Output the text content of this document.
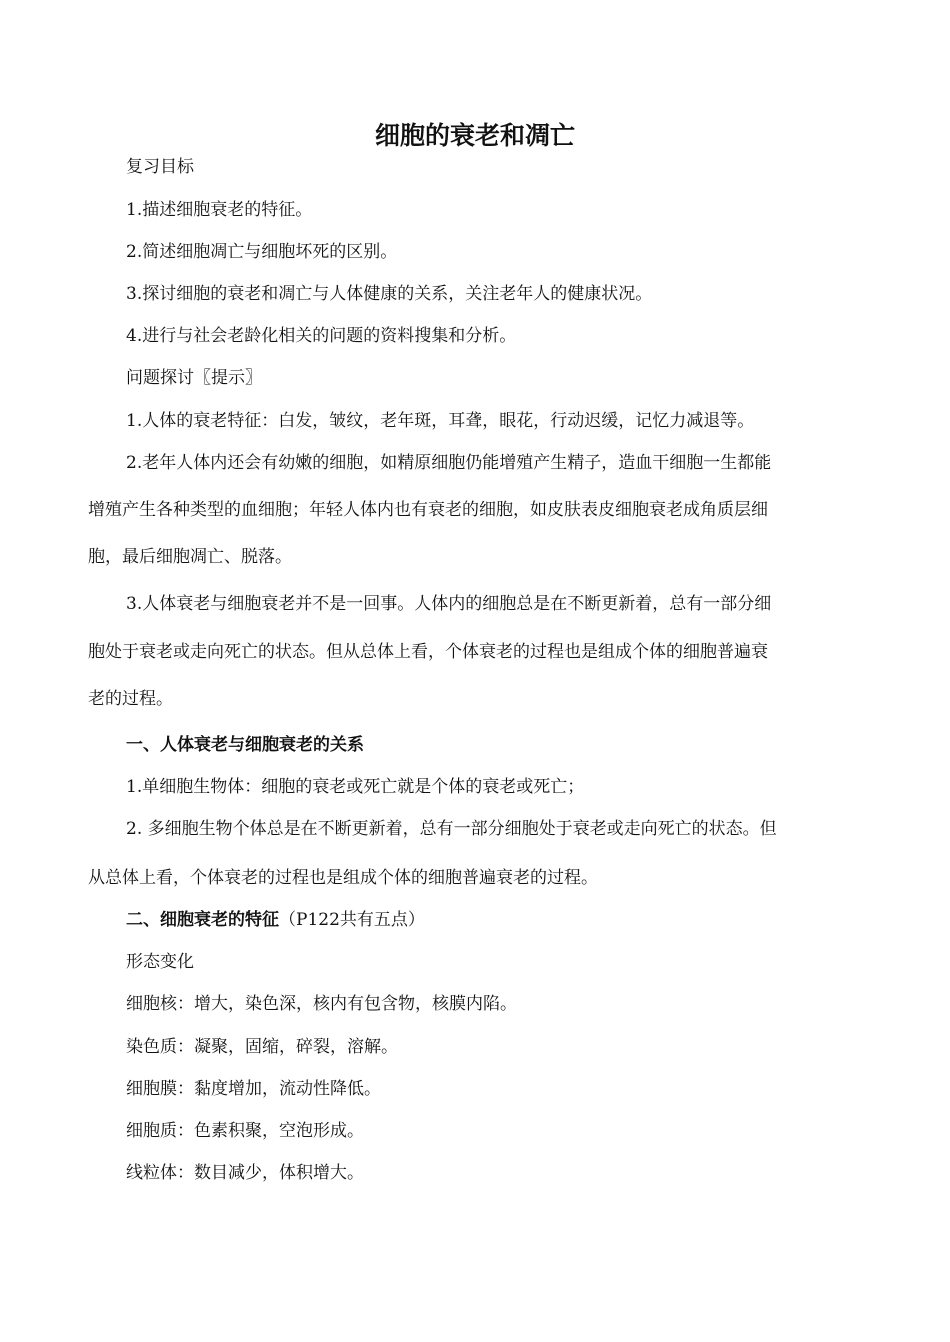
细胞的衰老和凋亡

复习目标

1.描述细胞衰老的特征。

2.简述细胞凋亡与细胞坏死的区别。

3.探讨细胞的衰老和凋亡与人体健康的关系，关注老年人的健康状况。

4.进行与社会老龄化相关的问题的资料搜集和分析。

问题探讨〖提示〗

1.人体的衰老特征：白发，皱纹，老年斑，耳聋，眼花，行动迟缓，记忆力减退等。

2.老年人体内还会有幼嫩的细胞，如精原细胞仍能增殖产生精子，造血干细胞一生都能

增殖产生各种类型的血细胞；年轻人体内也有衰老的细胞，如皮肤表皮细胞衰老成角质层细

胞，最后细胞凋亡、脱落。

3.人体衰老与细胞衰老并不是一回事。人体内的细胞总是在不断更新着，总有一部分细

胞处于衰老或走向死亡的状态。但从总体上看，个体衰老的过程也是组成个体的细胞普遍衰

老的过程。

一、人体衰老与细胞衰老的关系

1.单细胞生物体：细胞的衰老或死亡就是个体的衰老或死亡；

2. 多细胞生物个体总是在不断更新着，总有一部分细胞处于衰老或走向死亡的状态。但

从总体上看，个体衰老的过程也是组成个体的细胞普遍衰老的过程。

二、细胞衰老的特征（P122共有五点）

形态变化

细胞核：增大，染色深，核内有包含物，核膜内陷。

染色质：凝聚，固缩，碎裂，溶解。

细胞膜：黏度增加，流动性降低。

细胞质：色素积聚，空泡形成。

线粒体：数目减少，体积增大。
